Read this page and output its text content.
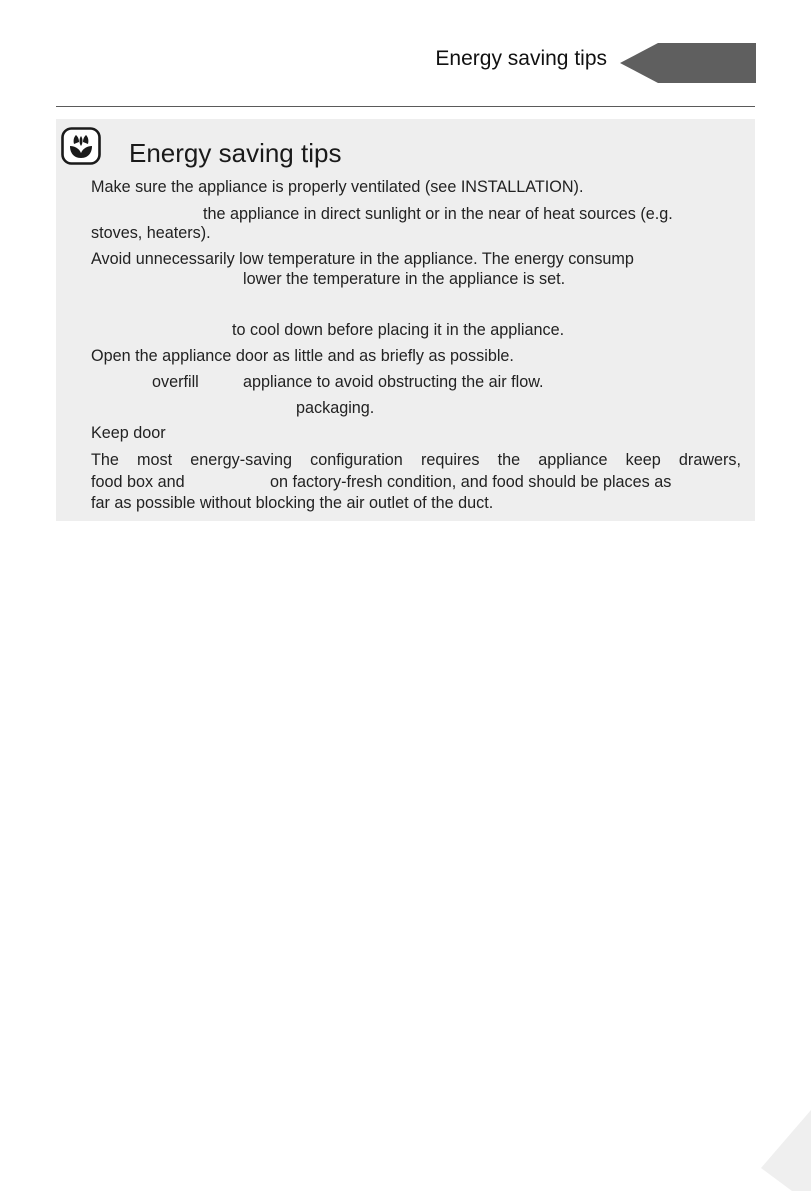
Energy saving tips
Energy saving tips
Make sure the appliance is properly ventilated (see INSTALLATION).
the appliance in direct sunlight or in the near of heat sources (e.g.
stoves, heaters).
Avoid unnecessarily low temperature in the appliance. The energy consump
lower the temperature in the appliance is set.
to cool down before placing it in the appliance.
Open the appliance door as little and as briefly as possible.
overfill	appliance to avoid obstructing the air flow.
packaging.
Keep door
The most energy-saving configuration requires the appliance keep drawers,
food box and	on factory-fresh condition, and food should be places as
far as possible without blocking the air outlet of the duct.
